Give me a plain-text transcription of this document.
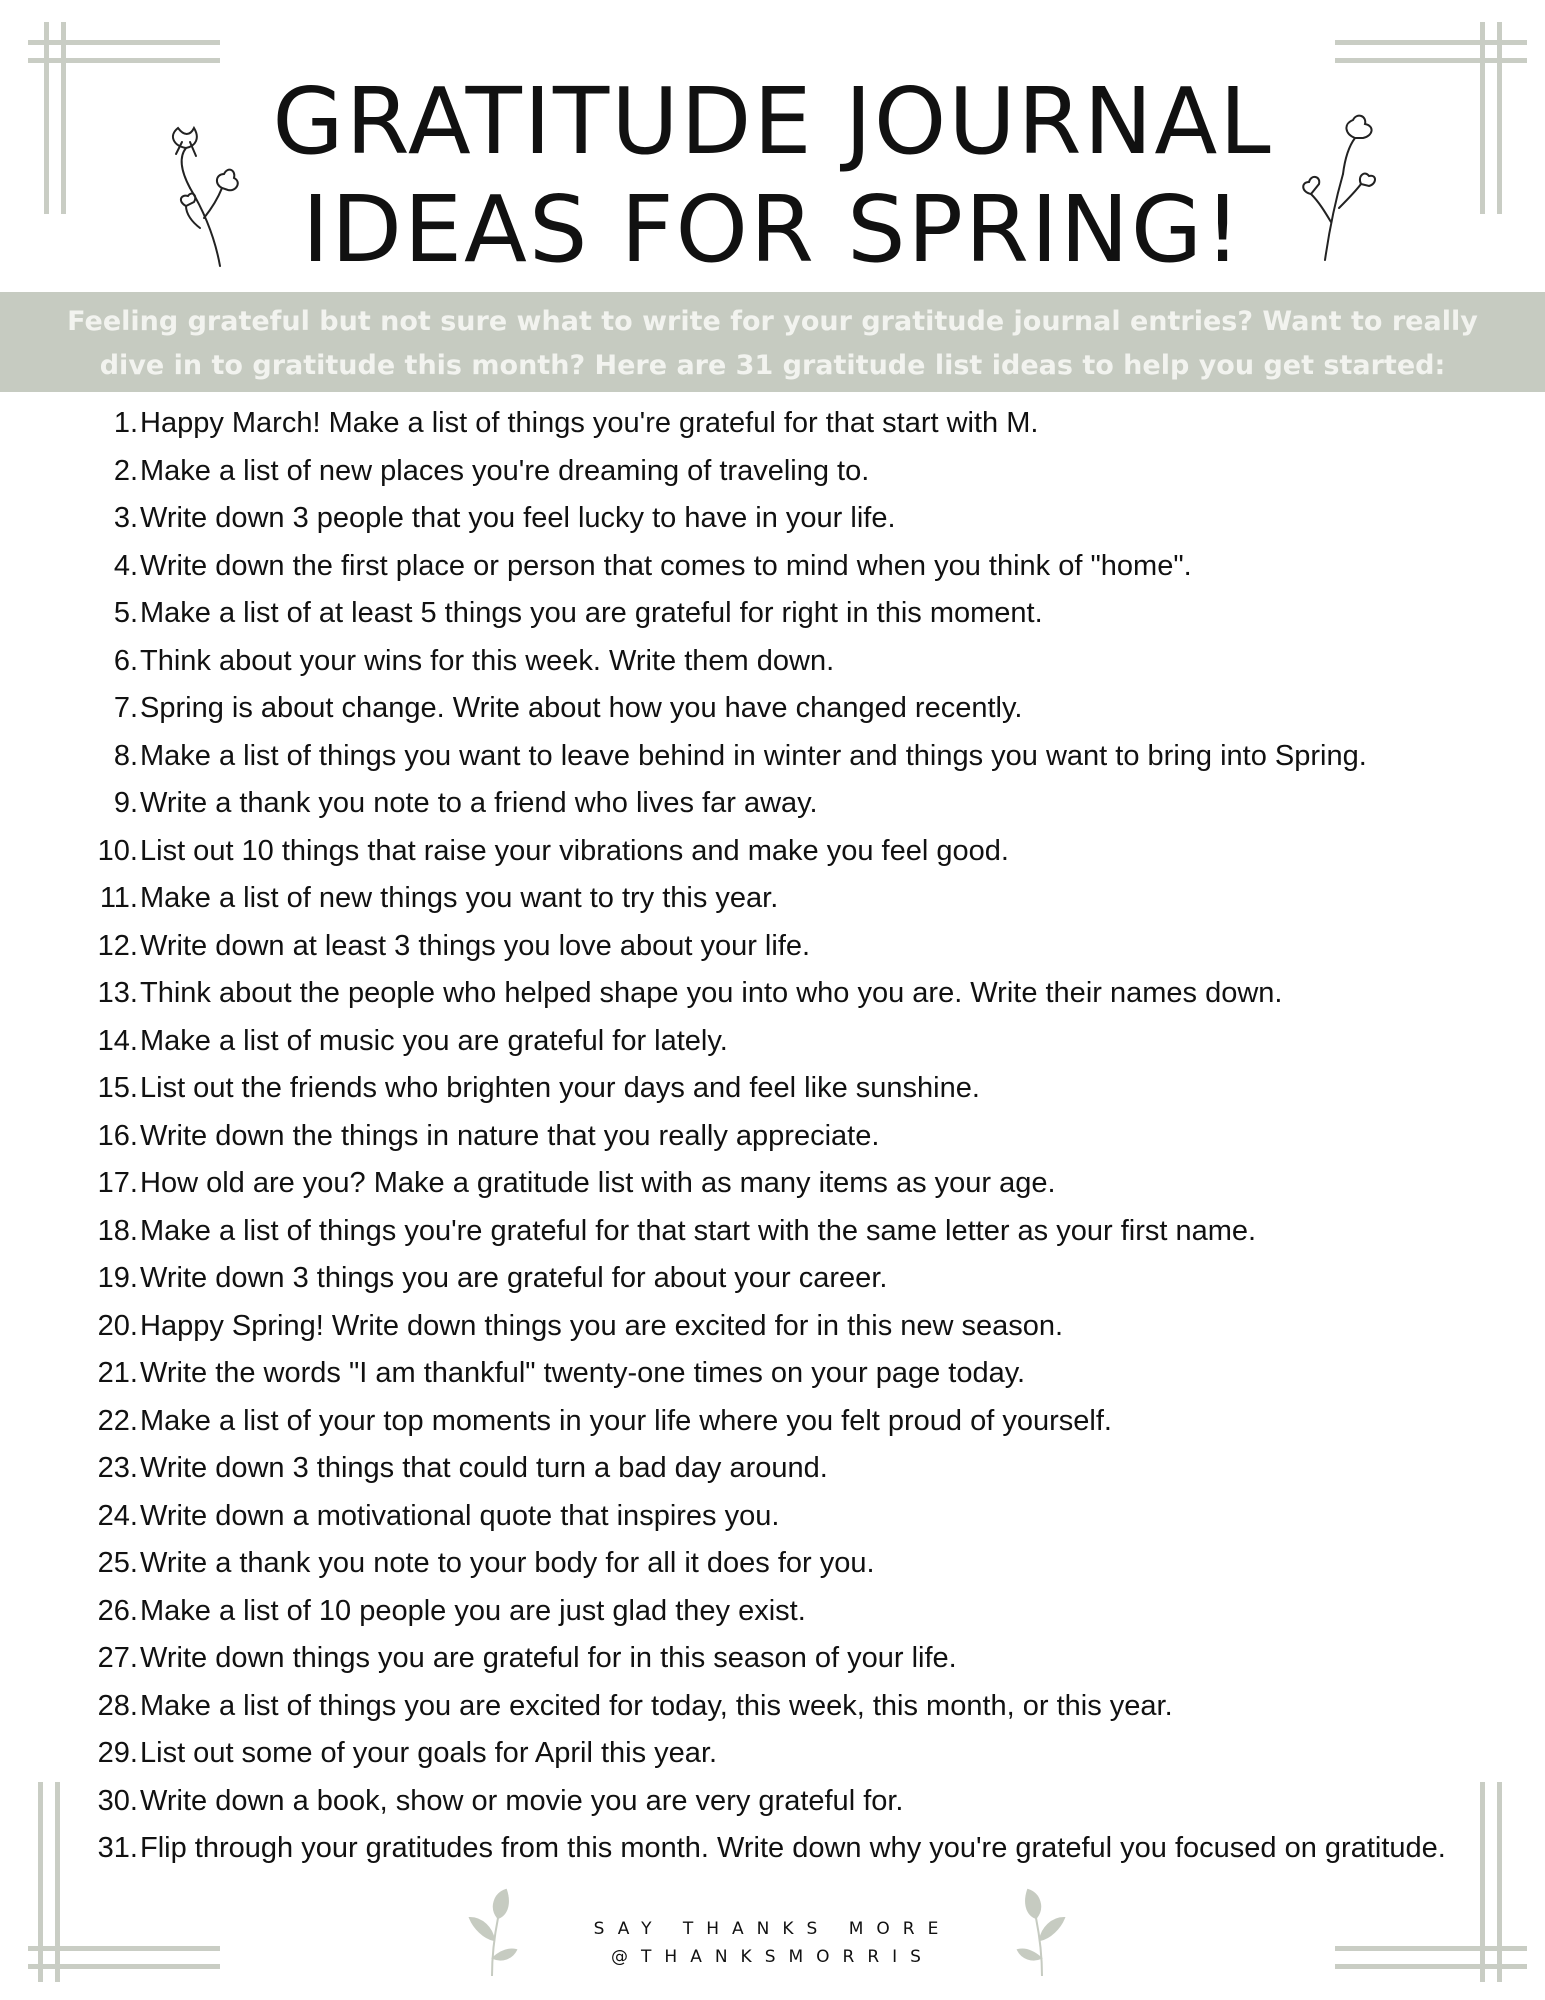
GRATITUDE JOURNAL
IDEAS FOR SPRING!

Feeling grateful but not sure what to write for your gratitude journal entries? Want to really
dive in to gratitude this month? Here are 31 gratitude list ideas to help you get started:

1. Happy March! Make a list of things you're grateful for that start with M.
2. Make a list of new places you're dreaming of traveling to.
3. Write down 3 people that you feel lucky to have in your life.
4. Write down the first place or person that comes to mind when you think of "home".
5. Make a list of at least 5 things you are grateful for right in this moment.
6. Think about your wins for this week. Write them down.
7. Spring is about change. Write about how you have changed recently.
8. Make a list of things you want to leave behind in winter and things you want to bring into Spring.
9. Write a thank you note to a friend who lives far away.
10. List out 10 things that raise your vibrations and make you feel good.
11. Make a list of new things you want to try this year.
12. Write down at least 3 things you love about your life.
13. Think about the people who helped shape you into who you are. Write their names down.
14. Make a list of music you are grateful for lately.
15. List out the friends who brighten your days and feel like sunshine.
16. Write down the things in nature that you really appreciate.
17. How old are you? Make a gratitude list with as many items as your age.
18. Make a list of things you're grateful for that start with the same letter as your first name.
19. Write down 3 things you are grateful for about your career.
20. Happy Spring! Write down things you are excited for in this new season.
21. Write the words "I am thankful" twenty-one times on your page today.
22. Make a list of your top moments in your life where you felt proud of yourself.
23. Write down 3 things that could turn a bad day around.
24. Write down a motivational quote that inspires you.
25. Write a thank you note to your body for all it does for you.
26. Make a list of 10 people you are just glad they exist.
27. Write down things you are grateful for in this season of your life.
28. Make a list of things you are excited for today, this week, this month, or this year.
29. List out some of your goals for April this year.
30. Write down a book, show or movie you are very grateful for.
31. Flip through your gratitudes from this month. Write down why you're grateful you focused on gratitude.
SAY THANKS MORE
@THANKSMORRIS
